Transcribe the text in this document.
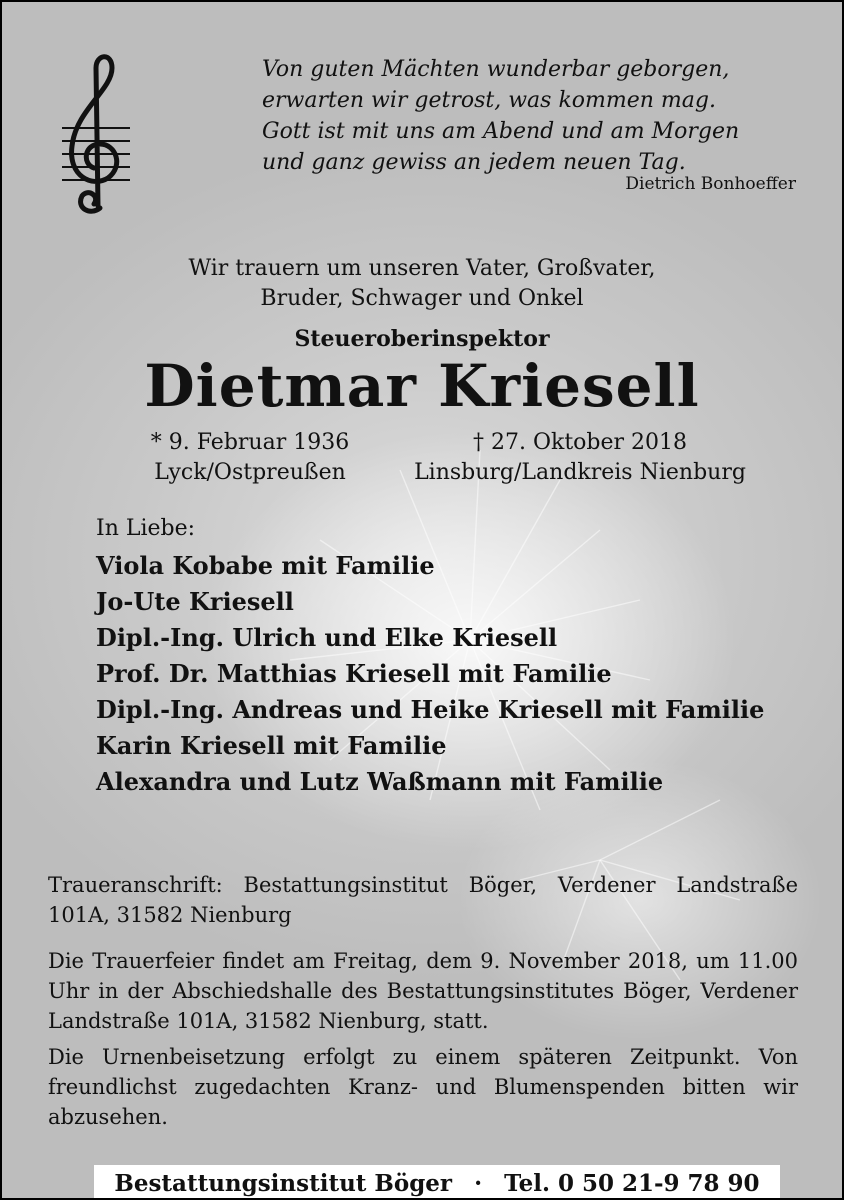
Von guten Mächten wunderbar geborgen,
erwarten wir getrost, was kommen mag.
Gott ist mit uns am Abend und am Morgen
und ganz gewiss an jedem neuen Tag.
Dietrich Bonhoeffer
Wir trauern um unseren Vater, Großvater,
Bruder, Schwager und Onkel
Steueroberinspektor
Dietmar Kriesell
* 9. Februar 1936
Lyck/Ostpreußen
† 27. Oktober 2018
Linsburg/Landkreis Nienburg
In Liebe:
Viola Kobabe mit Familie
Jo-Ute Kriesell
Dipl.-Ing. Ulrich und Elke Kriesell
Prof. Dr. Matthias Kriesell mit Familie
Dipl.-Ing. Andreas und Heike Kriesell mit Familie
Karin Kriesell mit Familie
Alexandra und Lutz Waßmann mit Familie
Traueranschrift: Bestattungsinstitut Böger, Verdener Landstraße 101A, 31582 Nienburg
Die Trauerfeier findet am Freitag, dem 9. November 2018, um 11.00 Uhr in der Abschiedshalle des Bestattungsinstitutes Böger, Verdener Landstraße 101A, 31582 Nienburg, statt.
Die Urnenbeisetzung erfolgt zu einem späteren Zeitpunkt. Von freundlichst zugedachten Kranz- und Blumenspenden bitten wir abzusehen.
Bestattungsinstitut Böger · Tel. 0 50 21-9 78 90
